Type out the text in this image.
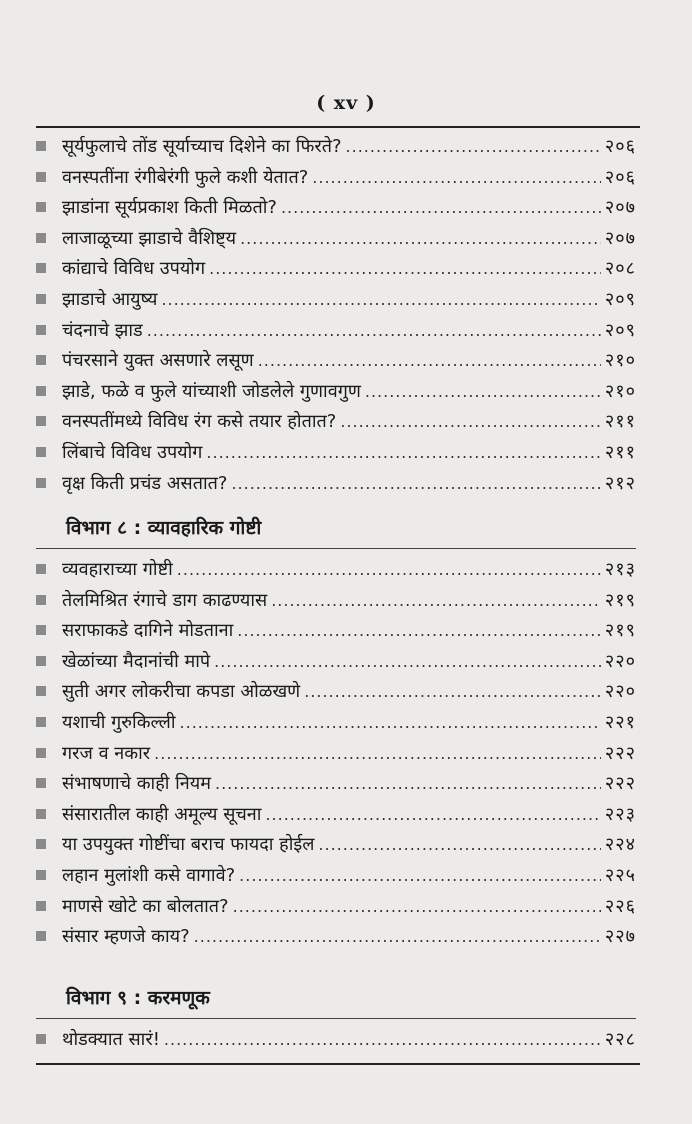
( xv )
सूर्यफुलाचे तोंड सूर्याच्याच दिशेने का फिरते? .....	२०६
वनस्पतींना रंगीबेरंगी फुले कशी येतात? .....	२०६
झाडांना सूर्यप्रकाश किती मिळतो? .....	२०७
लाजाळूच्या झाडाचे वैशिष्ट्य .....	२०७
कांद्याचे विविध उपयोग .....	२०८
झाडाचे आयुष्य .....	२०९
चंदनाचे झाड .....	२०९
पंचरसाने युक्त असणारे लसूण .....	२१०
झाडे, फळे व फुले यांच्याशी जोडलेले गुणावगुण .....	२१०
वनस्पतींमध्ये विविध रंग कसे तयार होतात? .....	२११
लिंबाचे विविध उपयोग .....	२११
वृक्ष किती प्रचंड असतात? .....	२१२
विभाग ८ : व्यावहारिक गोष्टी
व्यवहाराच्या गोष्टी .....	२१३
तेलमिश्रित रंगाचे डाग काढण्यास .....	२१९
सराफाकडे दागिने मोडताना .....	२१९
खेळांच्या मैदानांची मापे .....	२२०
सुती अगर लोकरीचा कपडा ओळखणे .....	२२०
यशाची गुरुकिल्ली .....	२२१
गरज व नकार .....	२२२
संभाषणाचे काही नियम .....	२२२
संसारातील काही अमूल्य सूचना .....	२२३
या उपयुक्त गोष्टींचा बराच फायदा होईल .....	२२४
लहान मुलांशी कसे वागावे? .....	२२५
माणसे खोटे का बोलतात? .....	२२६
संसार म्हणजे काय? .....	२२७
विभाग ९ : करमणूक
थोडक्यात सारं! .....	२२८
